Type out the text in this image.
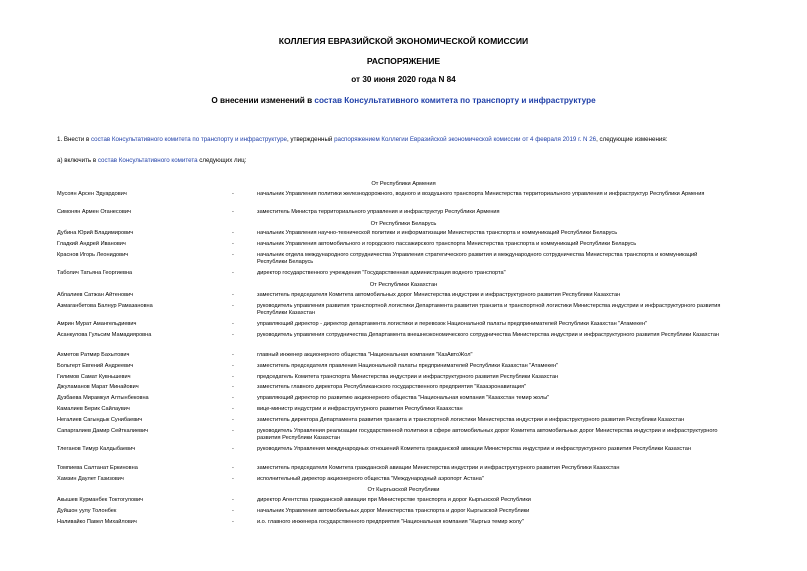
КОЛЛЕГИЯ ЕВРАЗИЙСКОЙ ЭКОНОМИЧЕСКОЙ КОМИССИИ
РАСПОРЯЖЕНИЕ
от 30 июня 2020 года N 84
О внесении изменений в состав Консультативного комитета по транспорту и инфраструктуре
1. Внести в состав Консультативного комитета по транспорту и инфраструктуре, утвержденный распоряжением Коллегии Евразийской экономической комиссии от 4 февраля 2019 г. N 26, следующие изменения:
а) включить в состав Консультативного комитета следующих лиц:
От Республики Армения
От Республики Беларусь
От Республики Казахстан
От Кыргызской Республики
Мусоян Арсен Эдуардович	-	начальник Управления политики железнодорожного, водного и воздушного транспорта Министерства территориального управления и инфраструктур Республики Армения
Симонян Армен Оганесович	-	заместитель Министра территориального управления и инфраструктур Республики Армения
Дубина Юрий Владимирович	-	начальник Управления научно-технической политики и информатизации Министерства транспорта и коммуникаций Республики Беларусь
Гладкий Андрей Иванович	-	начальник Управления автомобильного и городского пассажирского транспорта Министерства транспорта и коммуникаций Республики Беларусь
Краснов Игорь Леонидович	-	начальник отдела международного сотрудничества Управления стратегического развития и международного сотрудничества Министерства транспорта и коммуникаций Республики Беларусь
Таболич Татьяна Георгиевна	-	директор государственного учреждения "Государственная администрация водного транспорта"
Аблалиев Сатжан Айтенович	-	заместитель председателя Комитета автомобильных дорог Министерства индустрии и инфраструктурного развития Республики Казахстан
Азмаганбетова Балнур Рамазановна	-	руководитель управления развития транспортной логистики Департамента развития транзита и транспортной логистики Министерства индустрии и инфраструктурного развития Республики Казахстан
Амрин Мурат Амангельдиевич	-	управляющий директор - директор департамента логистики и перевозок Национальной палаты предпринимателей Республики Казахстан "Атамекен"
Асанкулова Гульсим Мамадияровна	-	руководитель управления сотрудничества Департамента внешнеэкономического сотрудничества Министерства индустрии и инфраструктурного развития Республики Казахстан
Ахметов Ратмир Бахытович	-	главный инженер акционерного общества "Национальная компания "КазАвтоЖол"
Больтерт Евгений Андреевич	-	заместитель председателя правления Национальной палаты предпринимателей Республики Казахстан "Атамекен"
Гилимов Самат Кувньшевич	-	председатель Комитета транспорта Министерства индустрии и инфраструктурного развития Республики Казахстан
Джуламанов Марат Минайович	-	заместитель главного директора Республиканского государственного предприятия "Казаэронавигация"
Дузбаева Мирамкул Алтынбековна	-	управляющий директор по развитию акционерного общества "Национальная компания "Казахстан темир жолы"
Камалиев Берик Сайлаувич	-	вице-министр индустрии и инфраструктурного развития Республики Казахстан
Негалиев Сагындык Сунибаевич	-	заместитель директора Департамента развития транзита и транспортной логистики Министерства индустрии и инфраструктурного развития Республики Казахстан
Сапаргалиев Дамир Сейткалиевич	-	руководитель Управления реализации государственной политики в сфере автомобильных дорог Комитета автомобильных дорог Министерства индустрии и инфраструктурного развития Республики Казахстан
Тлеганов Тимур Калдыбаевич	-	руководитель Управления международных отношений Комитета гражданской авиации Министерства индустрии и инфраструктурного развития Республики Казахстан
Томпиева Салтанат Еркиновна	-	заместитель председателя Комитета гражданской авиации Министерства индустрии и инфраструктурного развития Республики Казахстан
Хамзин Даулет Газизович	-	исполнительный директор акционерного общества "Международный аэропорт Астана"
Акышев Курманбек Токтогулович	-	директор Агентства гражданской авиации при Министерстве транспорта и дорог Кыргызской Республики
Дуйшон уулу Толонбек	-	начальник Управления автомобильных дорог Министерства транспорта и дорог Кыргызской Республики
Наливайко Павел Михайлович	-	и.о. главного инженера государственного предприятия "Национальная компания "Кыргыз темир жолу"
